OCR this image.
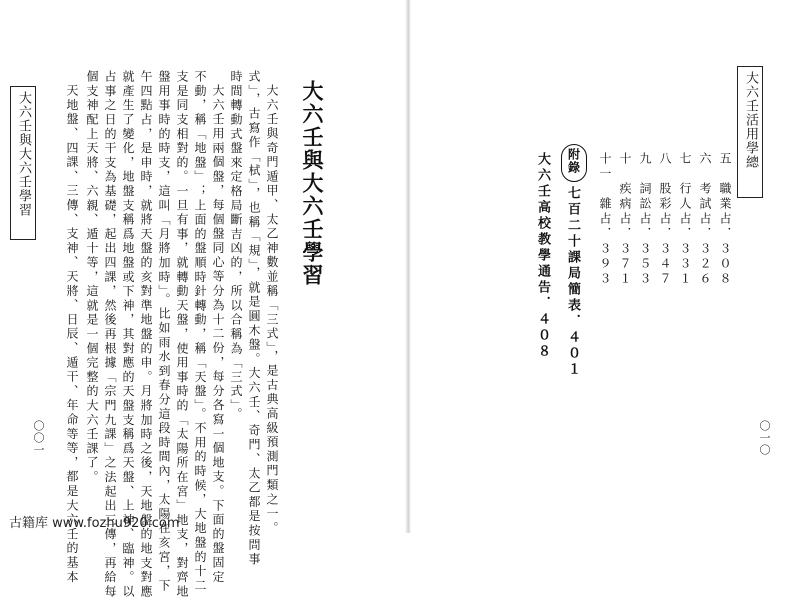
大六壬與大六壬學習	大六壬與大六壬學習
大六壬與奇門遁甲、太乙神數並稱「三式」，是古典高級預測門類之一。
式」，古寫作「栻」，也稱「規」，就是圓木盤。大六壬、奇門、太乙都是按問事
時間轉動式盤來定格局斷吉凶的，所以合稱為「三式」。
大六壬用兩個盤，每個盤同心等分為十二份，每分各寫一個地支。下面的盤固定
不動，稱「地盤」；上面的盤順時針轉動，稱「天盤」。不用的時候，大地盤的十二
支是同支相對的。一旦有事，就轉動天盤，使用事時的「太陽所在宮」地支，對齊地
盤用事時的時支，這叫「月將加時」。比如雨水到春分這段時間內，太陽在亥宮，下
午四點占，是申時，就將天盤的亥對準地盤的申。月將加時之後，天地盤的地支對應
就產生了變化，地盤支稱爲地盤或下神，其對應的天盤支稱爲天盤、上神、臨神。以
占事之日的干支為基礎，起出四課，然後再根據「宗門九課」之法起出三傳，再給每
個支神配上天將、六親、遁十等，這就是一個完整的大六壬課了。
天地盤、四課、三傳、支神、天將、日辰、遁干、年命等等，都是大六壬的基本
〇〇一
大六壬活用學總
五　職業占．３０８
六　考試占．３２６
七　行人占．３３１
八　股彩占．３４７
九　詞訟占．３５３
十　疾病占．３７１
十一　雜占．３９３
附錄
七百二十課局簡表．４０１
大六壬高校教學通告．４０８
〇一〇
古籍库 www.fozhu920.com
